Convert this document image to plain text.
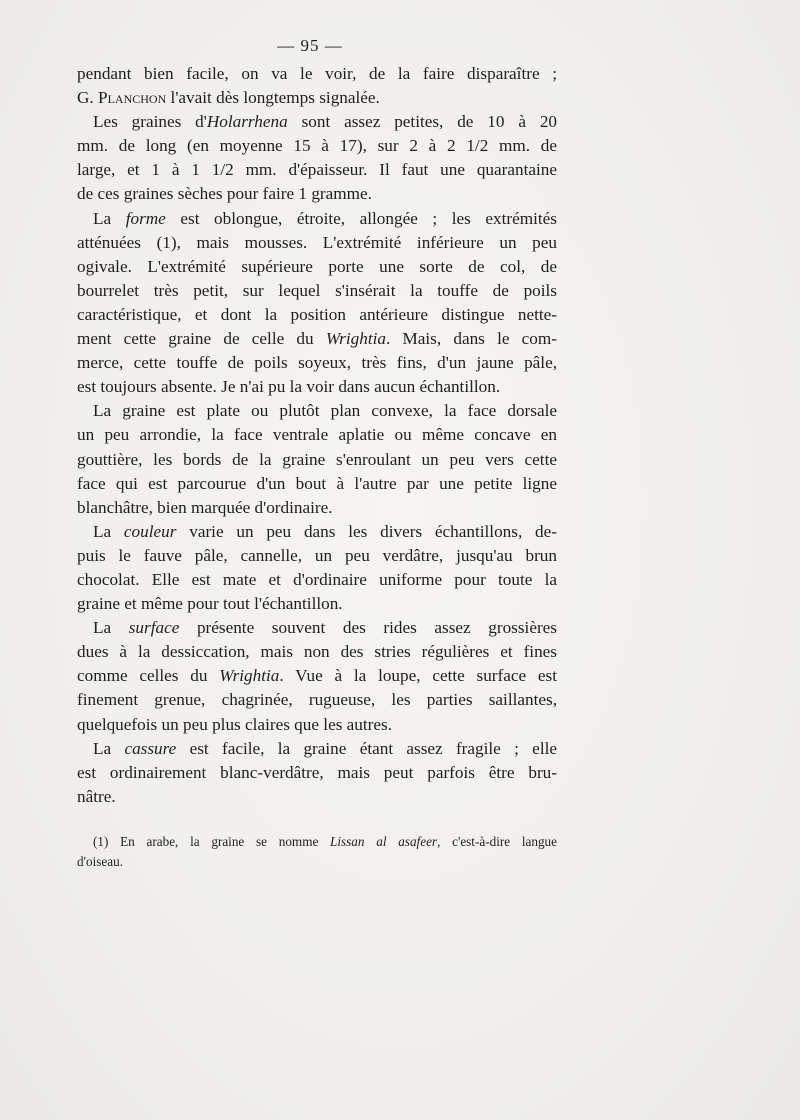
— 95 —

pendant bien facile, on va le voir, de la faire disparaître ;
G. Planchon l'avait dès longtemps signalée.

Les graines d'Holarrhena sont assez petites, de 10 à 20
mm. de long (en moyenne 15 à 17), sur 2 à 2 1/2 mm. de
large, et 1 à 1 1/2 mm. d'épaisseur. Il faut une quarantaine
de ces graines sèches pour faire 1 gramme.

La forme est oblongue, étroite, allongée ; les extrémités
atténuées (1), mais mousses. L'extrémité inférieure un peu
ogivale. L'extrémité supérieure porte une sorte de col, de
bourrelet très petit, sur lequel s'insérait la touffe de poils
caractéristique, et dont la position antérieure distingue nette-
ment cette graine de celle du Wrightia. Mais, dans le com-
merce, cette touffe de poils soyeux, très fins, d'un jaune pâle,
est toujours absente. Je n'ai pu la voir dans aucun échantillon.

La graine est plate ou plutôt plan convexe, la face dorsale
un peu arrondie, la face ventrale aplatie ou même concave en
gouttière, les bords de la graine s'enroulant un peu vers cette
face qui est parcourue d'un bout à l'autre par une petite ligne
blanchâtre, bien marquée d'ordinaire.

La couleur varie un peu dans les divers échantillons, de-
puis le fauve pâle, cannelle, un peu verdâtre, jusqu'au brun
chocolat. Elle est mate et d'ordinaire uniforme pour toute la
graine et même pour tout l'échantillon.

La surface présente souvent des rides assez grossières
dues à la dessiccation, mais non des stries régulières et fines
comme celles du Wrightia. Vue à la loupe, cette surface est
finement grenue, chagrinée, rugueuse, les parties saillantes,
quelquefois un peu plus claires que les autres.

La cassure est facile, la graine étant assez fragile ; elle
est ordinairement blanc-verdâtre, mais peut parfois être bru-
nâtre.

(1) En arabe, la graine se nomme Lissan al asafeer, c'est-à-dire langue
d'oiseau.
